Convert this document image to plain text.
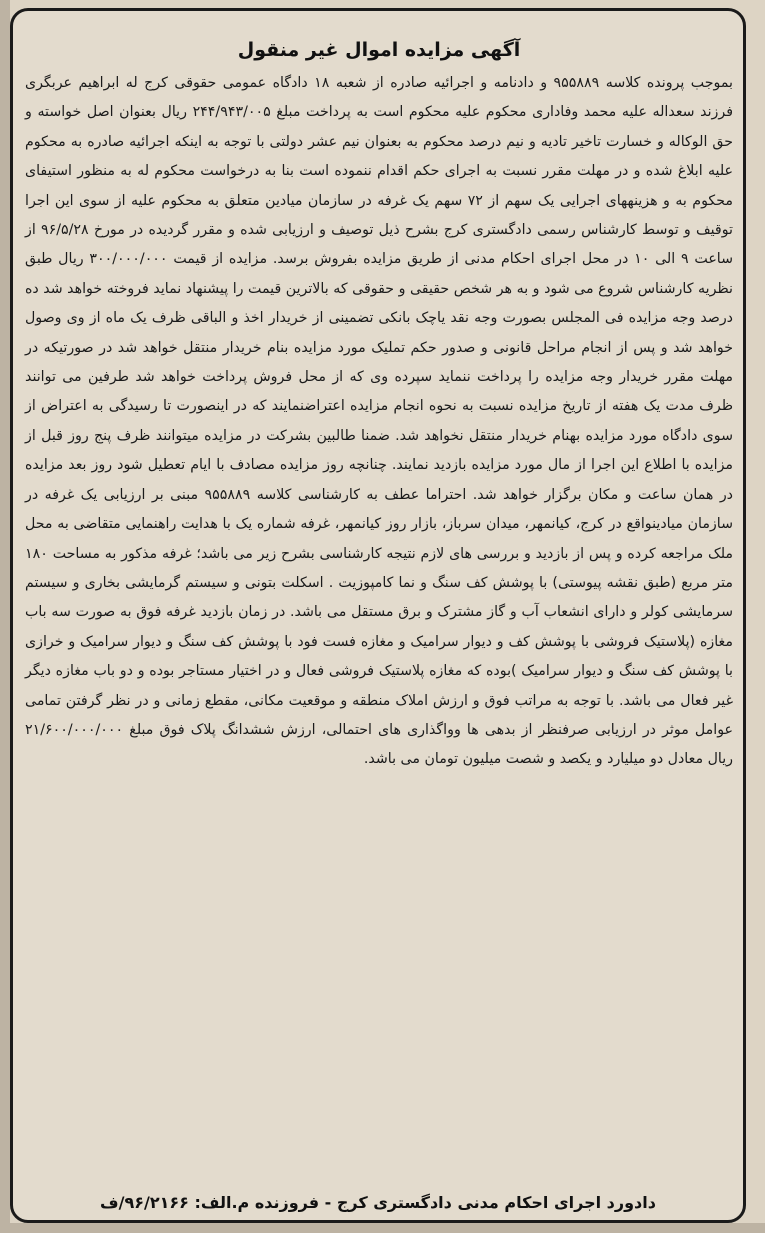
آگهی مزایده اموال غیر منقول

بموجب پرونده کلاسه ۹۵۵۸۸۹ و دادنامه و اجرائیه صادره از شعبه ۱۸ دادگاه عمومی حقوقی کرج له ابراهیم عربگری فرزند سعداله علیه محمد وفاداری محکوم علیه محکوم است به پرداخت مبلغ ۲۴۴/۹۴۳/۰۰۵ ریال بعنوان اصل خواسته و حق الوکاله و خسارت تاخیر تادیه و نیم درصد محکوم به بعنوان نیم عشر دولتی با توجه به اینکه اجرائیه صادره به محکوم علیه ابلاغ شده و در مهلت مقرر نسبت به اجرای حکم اقدام ننموده است بنا به درخواست محکوم له به منظور استیفای محکوم به و هزینههای اجرایی یک سهم از ۷۲ سهم یک غرفه در سازمان میادین متعلق به محکوم علیه از سوی این اجرا توقیف و توسط کارشناس رسمی دادگستری کرج بشرح ذیل توصیف و ارزیابی شده و مقرر گردیده در مورخ ۹۶/۵/۲۸ از ساعت ۹ الی ۱۰ در محل اجرای احکام مدنی از طریق مزایده بفروش برسد. مزایده از قیمت ۳۰۰/۰۰۰/۰۰۰ ریال طبق نظریه کارشناس شروع می شود و به هر شخص حقیقی و حقوقی که بالاترین قیمت را پیشنهاد نماید فروخته خواهد شد ده درصد وجه مزایده فی المجلس بصورت وجه نقد یاچک بانکی تضمینی از خریدار اخذ و الباقی ظرف یک ماه از وی وصول خواهد شد و پس از انجام مراحل قانونی و صدور حکم تملیک مورد مزایده بنام خریدار منتقل خواهد شد در صورتیکه در مهلت مقرر خریدار وجه مزایده را پرداخت ننماید سپرده وی که از محل فروش پرداخت خواهد شد طرفین می توانند ظرف مدت یک هفته از تاریخ مزایده نسبت به نحوه انجام مزایده اعتراضنمایند که در اینصورت تا رسیدگی به اعتراض از سوی دادگاه مورد مزایده بهنام خریدار منتقل نخواهد شد. ضمنا طالبین بشرکت در مزایده میتوانند ظرف پنج روز قبل از مزایده با اطلاع این اجرا از مال مورد مزایده بازدید نمایند. چنانچه روز مزایده مصادف با ایام تعطیل شود روز بعد مزایده در همان ساعت و مکان برگزار خواهد شد. احتراما عطف به کارشناسی کلاسه ۹۵۵۸۸۹ مبنی بر ارزیابی یک غرفه در سازمان میادینواقع در کرج، کیانمهر، میدان سرباز، بازار روز کیانمهر، غرفه شماره یک با هدایت راهنمایی متقاضی به محل ملک مراجعه کرده و پس از بازدید و بررسی های لازم نتیجه کارشناسی بشرح زیر می باشد؛ غرفه مذکور به مساحت ۱۸۰ متر مربع (طبق نقشه پیوستی) با پوشش کف سنگ و نما کامپوزیت . اسکلت بتونی و سیستم گرمایشی بخاری و سیستم سرمایشی کولر و دارای انشعاب آب و گاز مشترک و برق مستقل می باشد. در زمان بازدید غرفه فوق به صورت سه باب مغازه (پلاستیک فروشی با پوشش کف و دیوار سرامیک و مغازه فست فود با پوشش کف سنگ و دیوار سرامیک و خرازی با پوشش کف سنگ و دیوار سرامیک )بوده که مغازه پلاستیک فروشی فعال و در اختیار مستاجر بوده و دو باب مغازه دیگر غیر فعال می باشد. با توجه به مراتب فوق و ارزش املاک منطقه و موقعیت مکانی، مقطع زمانی و در نظر گرفتن تمامی عوامل موثر در ارزیابی صرفنظر از بدهی ها وواگذاری های احتمالی، ارزش ششدانگ پلاک فوق مبلغ ۲۱/۶۰۰/۰۰۰/۰۰۰ ریال معادل دو میلیارد و یکصد و شصت میلیون تومان می باشد.

دادورد اجرای احکام مدنی دادگستری کرج - فروزنده م.الف: ۹۶/۲۱۶۶/ف
